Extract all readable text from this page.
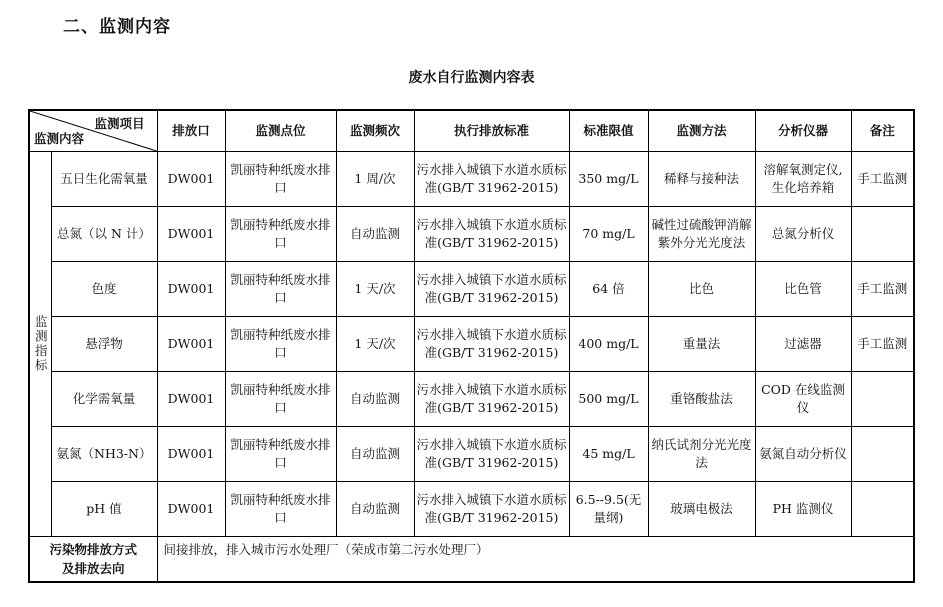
二、监测内容
废水自行监测内容表
监测项目
监测内容		排放口	监测点位	监测频次	执行排放标准	标准限值	监测方法	分析仪器	备注
监测指标	五日生化需氧量	DW001	凯丽特种纸废水排口	1 周/次	污水排入城镇下水道水质标准(GB/T 31962-2015)	350 mg/L	稀释与接种法	溶解氧测定仪,生化培养箱	手工监测
	总氮（以 N 计）	DW001	凯丽特种纸废水排口	自动监测	污水排入城镇下水道水质标准(GB/T 31962-2015)	70 mg/L	碱性过硫酸钾消解紫外分光光度法	总氮分析仪	
	色度	DW001	凯丽特种纸废水排口	1 天/次	污水排入城镇下水道水质标准(GB/T 31962-2015)	64 倍	比色	比色管	手工监测
	悬浮物	DW001	凯丽特种纸废水排口	1 天/次	污水排入城镇下水道水质标准(GB/T 31962-2015)	400 mg/L	重量法	过滤器	手工监测
	化学需氧量	DW001	凯丽特种纸废水排口	自动监测	污水排入城镇下水道水质标准(GB/T 31962-2015)	500 mg/L	重铬酸盐法	COD 在线监测仪	
	氨氮（NH3-N）	DW001	凯丽特种纸废水排口	自动监测	污水排入城镇下水道水质标准(GB/T 31962-2015)	45 mg/L	纳氏试剂分光光度法	氨氮自动分析仪	
	pH 值	DW001	凯丽特种纸废水排口	自动监测	污水排入城镇下水道水质标准(GB/T 31962-2015)	6.5--9.5(无量纲)	玻璃电极法	PH 监测仪	

污染物排放方式
及排放去向		间接排放，排入城市污水处理厂（荣成市第二污水处理厂）							
